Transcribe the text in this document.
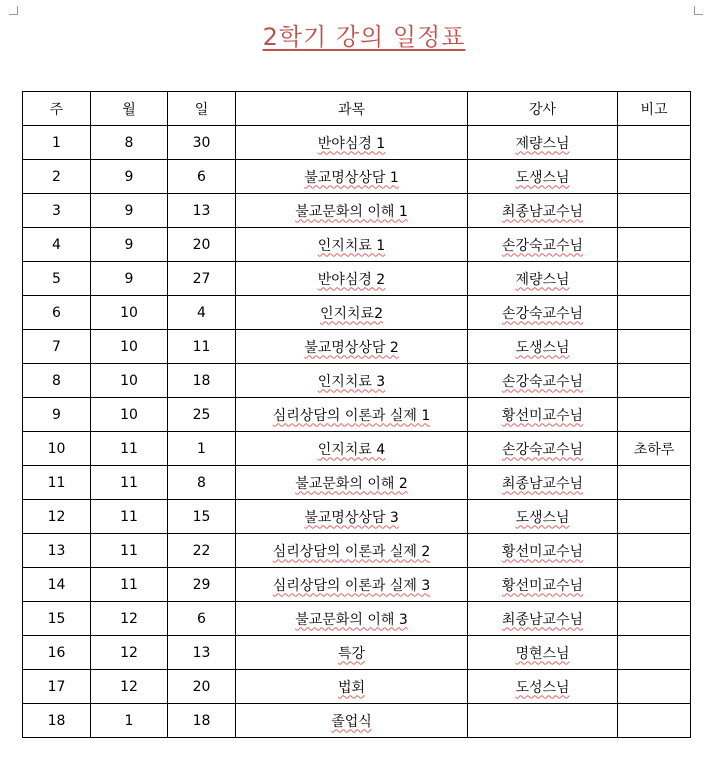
2학기 강의 일정표
주	월	일	과목	강사	비고
1	8	30	반야심경 1	제량스님	
2	9	6	불교명상상담 1	도생스님	
3	9	13	불교문화의 이해 1	최종남교수님	
4	9	20	인지치료 1	손강숙교수님	
5	9	27	반야심경 2	제량스님	
6	10	4	인지치료2	손강숙교수님	
7	10	11	불교명상상담 2	도생스님	
8	10	18	인지치료 3	손강숙교수님	
9	10	25	심리상담의 이론과 실제 1	황선미교수님	
10	11	1	인지치료 4	손강숙교수님	초하루
11	11	8	불교문화의 이해 2	최종남교수님	
12	11	15	불교명상상담 3	도생스님	
13	11	22	심리상담의 이론과 실제 2	황선미교수님	
14	11	29	심리상담의 이론과 실제 3	황선미교수님	
15	12	6	불교문화의 이해 3	최종남교수님	
16	12	13	특강	명현스님	
17	12	20	법회	도성스님	
18	1	18	졸업식		
